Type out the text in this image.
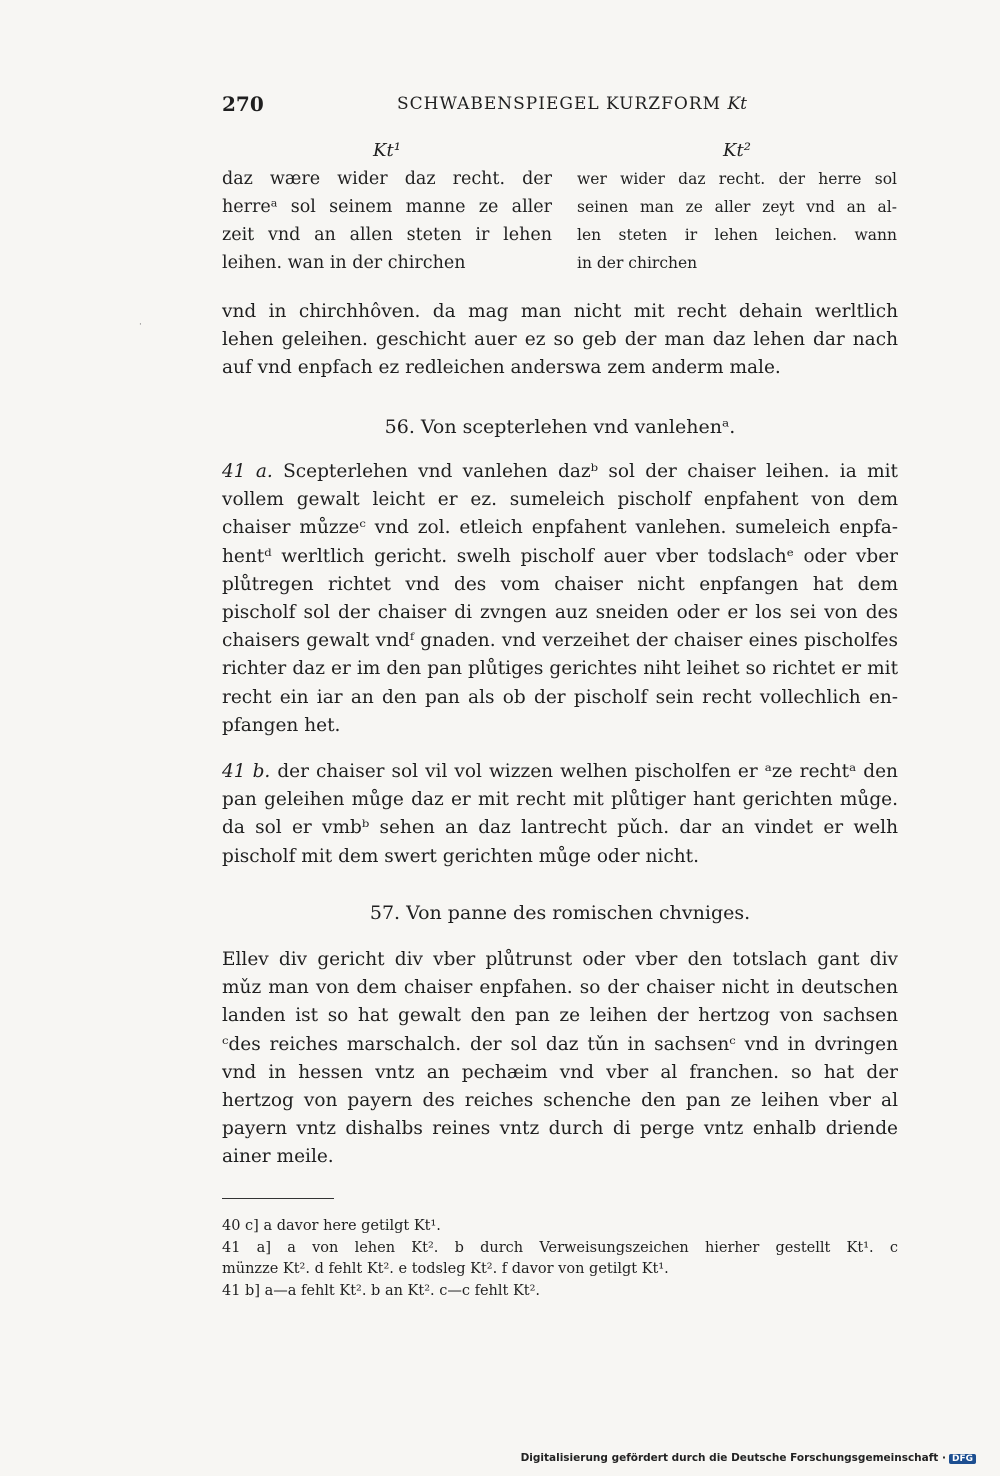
270	SCHWABENSPIEGEL KURZFORM Kt
Kt¹
daz wære wider daz recht. der
herreᵃ sol seinem manne ze aller
zeit vnd an allen steten ir lehen
leihen. wan in der chirchen
Kt²
wer wider daz recht. der herre sol
seinen man ze aller zeyt vnd an al-
len steten ir lehen leichen. wann
in der chirchen
·
vnd in chirchhôven. da mag man nicht mit recht dehain werltlich
lehen geleihen. geschicht auer ez so geb der man daz lehen dar nach
auf vnd enpfach ez redleichen anderswa zem anderm male.
56. Von scepterlehen vnd vanlehenᵃ.
41 a. Scepterlehen vnd vanlehen dazᵇ sol der chaiser leihen. ia mit
vollem gewalt leicht er ez. sumeleich pischolf enpfahent von dem
chaiser můzzeᶜ vnd zol. etleich enpfahent vanlehen. sumeleich enpfa-
hentᵈ werltlich gericht. swelh pischolf auer vber todslachᵉ oder vber
plůtregen richtet vnd des vom chaiser nicht enpfangen hat dem
pischolf sol der chaiser di zvngen auz sneiden oder er los sei von des
chaisers gewalt vndᶠ gnaden. vnd verzeihet der chaiser eines pischolfes
richter daz er im den pan plůtiges gerichtes niht leihet so richtet er mit
recht ein iar an den pan als ob der pischolf sein recht vollechlich en-
pfangen het.
41 b. der chaiser sol vil vol wizzen welhen pischolfen er ᵃze rechtᵃ den
pan geleihen můge daz er mit recht mit plůtiger hant gerichten můge.
da sol er vmbᵇ sehen an daz lantrecht pǔch. dar an vindet er welh
pischolf mit dem swert gerichten můge oder nicht.
57. Von panne des romischen chvniges.
Ellev div gericht div vber plůtrunst oder vber den totslach gant div
mǔz man von dem chaiser enpfahen. so der chaiser nicht in deutschen
landen ist so hat gewalt den pan ze leihen der hertzog von sachsen
ᶜdes reiches marschalch. der sol daz tǔn in sachsenᶜ vnd in dvringen
vnd in hessen vntz an pechæim vnd vber al franchen. so hat der
hertzog von payern des reiches schenche den pan ze leihen vber al
payern vntz dishalbs reines vntz durch di perge vntz enhalb driende
ainer meile.
40 c] a davor here getilgt Kt¹.
41 a] a von lehen Kt². b durch Verweisungszeichen hierher gestellt Kt¹. c
münzze Kt². d fehlt Kt². e todsleg Kt². f davor von getilgt Kt¹.
41 b] a—a fehlt Kt². b an Kt². c—c fehlt Kt².
Digitalisierung gefördert durch die Deutsche Forschungsgemeinschaft · DFG
